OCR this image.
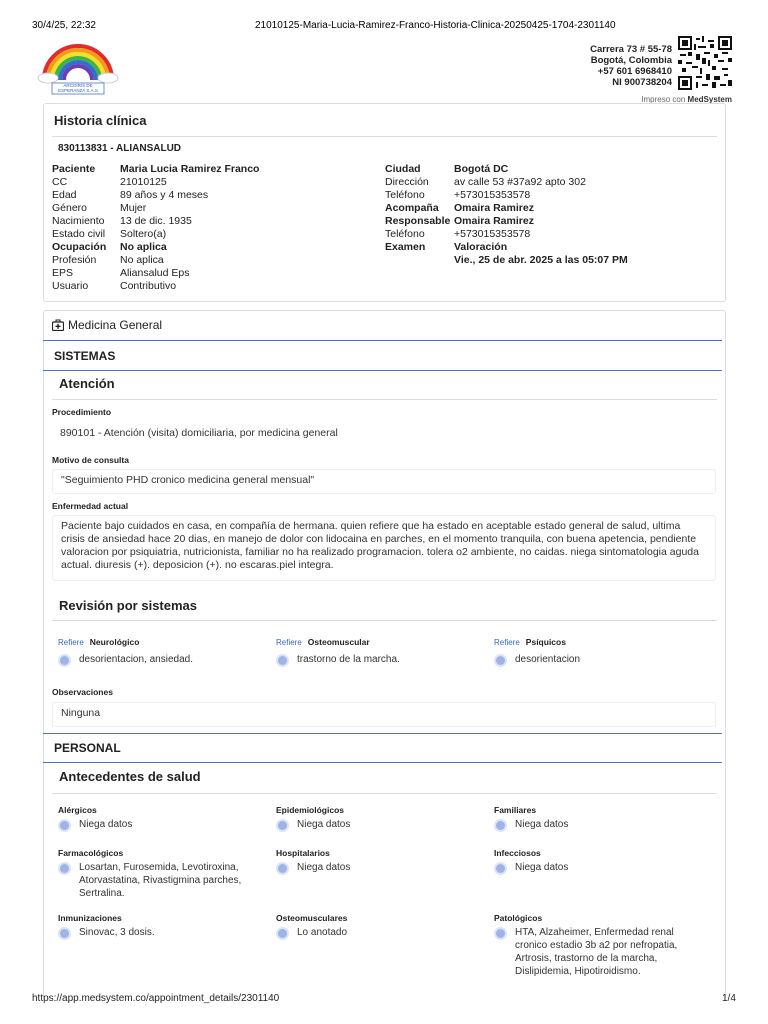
30/4/25, 22:32	21010125-Maria-Lucia-Ramirez-Franco-Historia-Clinica-20250425-1704-2301140
ARCOÍRIS DE ESPERANZA S.A.S
Carrera 73 # 55-78
Bogotá, Colombia
+57 601 6968410
NI 900738204
Impreso con MedSystem
Historia clínica
830113831 - ALIANSALUD
Paciente Maria Lucia Ramirez Franco
CC	21010125
Edad	89 años y 4 meses
Género	Mujer
Nacimiento 13 de dic. 1935
Estado civil Soltero(a)
Ocupación No aplica
Profesión No aplica
EPS	Aliansalud Eps
Usuario	Contributivo
Ciudad	Bogotá DC
Dirección av calle 53 #37a92 apto 302
Teléfono	+573015353578
Acompaña Omaira Ramirez
Responsable Omaira Ramirez
Teléfono	+573015353578
Examen	Valoración
Vie., 25 de abr. 2025 a las 05:07 PM
Medicina General
SISTEMAS
Atención
Procedimiento
890101 - Atención (visita) domiciliaria, por medicina general
Motivo de consulta
"Seguimiento PHD cronico medicina general mensual"
Enfermedad actual
Paciente bajo cuidados en casa, en compañía de hermana. quien refiere que ha estado en aceptable estado general de salud, ultima crisis de ansiedad hace 20 dias, en manejo de dolor con lidocaina en parches, en el momento tranquila, con buena apetencia, pendiente valoracion por psiquiatria, nutricionista, familiar no ha realizado programacion. tolera o2 ambiente, no caidas. niega sintomatologia aguda actual. diuresis (+). deposicion (+). no escaras.piel integra.
Revisión por sistemas
Refiere Neurológico
desorientacion, ansiedad.
Refiere Osteomuscular
trastorno de la marcha.
Refiere Psíquicos
desorientacion
Observaciones
Ninguna
PERSONAL
Antecedentes de salud
Alérgicos
Niega datos
Epidemiológicos
Niega datos
Familiares
Niega datos
Farmacológicos
Losartan, Furosemida, Levotiroxina, Atorvastatina, Rivastigmina parches, Sertralina.
Hospitalarios
Niega datos
Infecciosos
Niega datos
Inmunizaciones
Sinovac, 3 dosis.
Osteomusculares
Lo anotado
Patológicos
HTA, Alzaheimer, Enfermedad renal cronico estadio 3b a2 por nefropatia, Artrosis, trastorno de la marcha, Dislipidemia, Hipotiroidismo.
https://app.medsystem.co/appointment_details/2301140	1/4
